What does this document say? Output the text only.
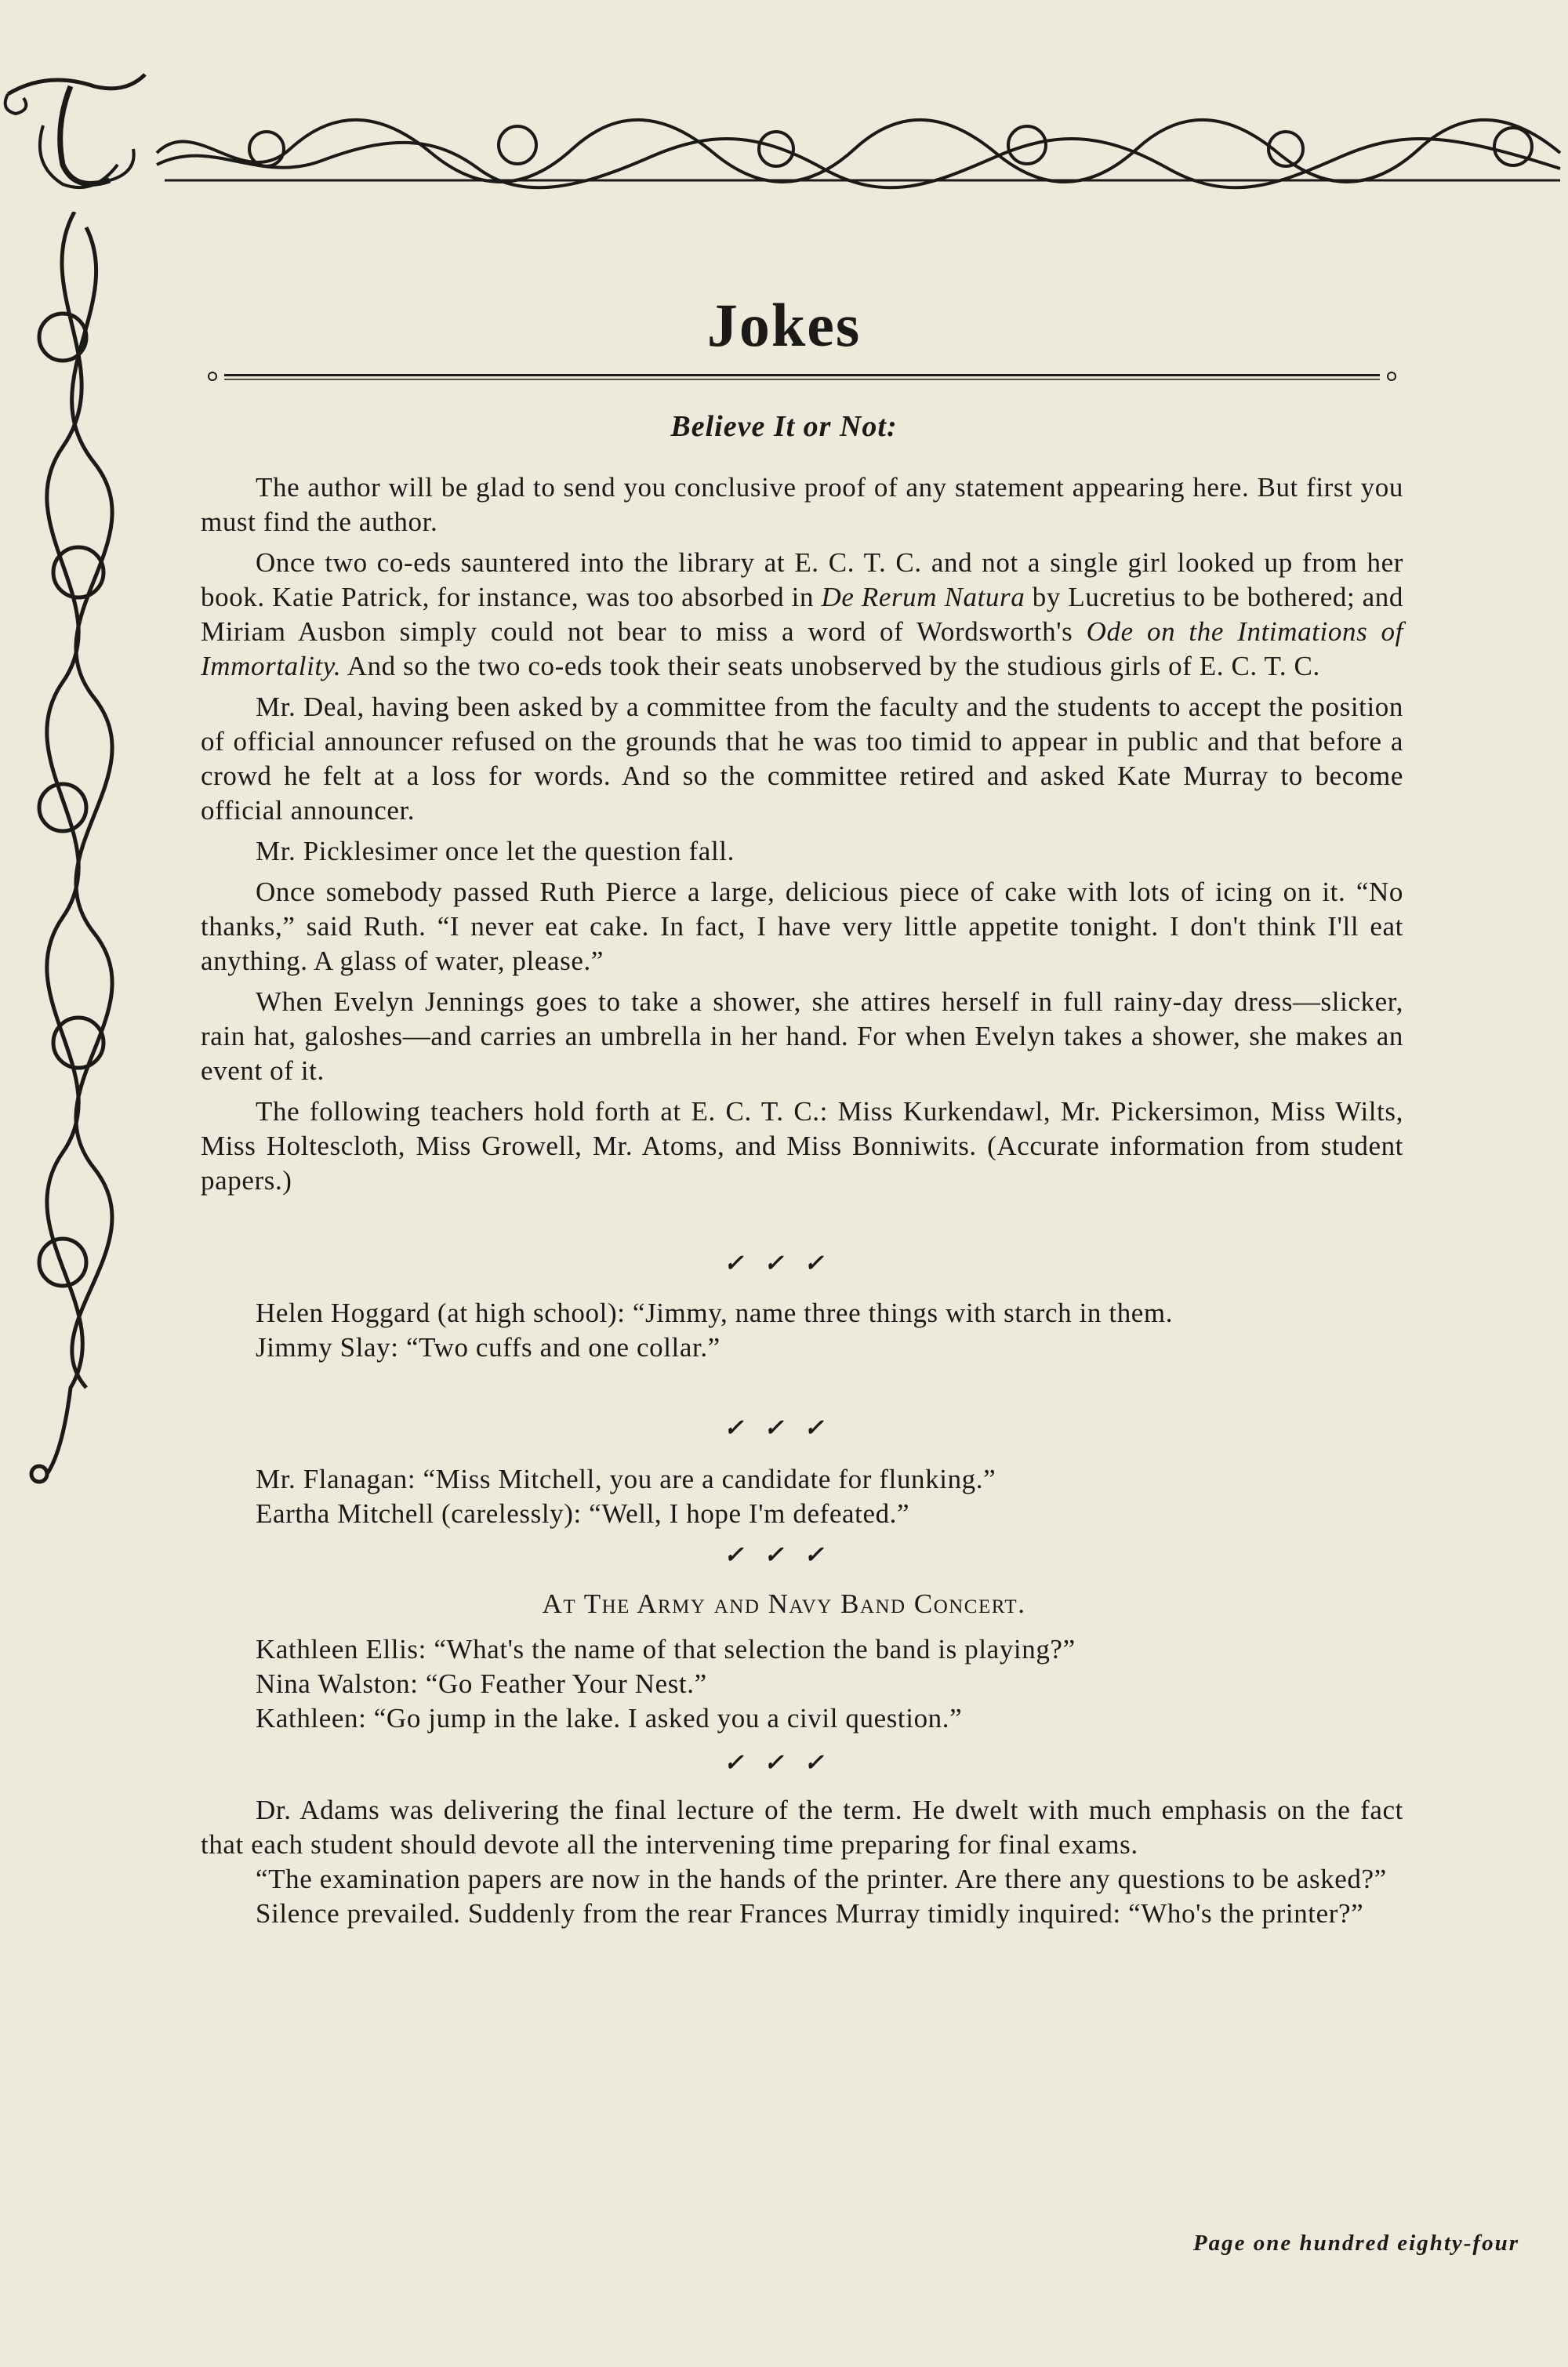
Jokes
Believe It or Not:

The author will be glad to send you conclusive proof of any statement appearing here. But first you must find the author.

Once two co-eds sauntered into the library at E. C. T. C. and not a single girl looked up from her book. Katie Patrick, for instance, was too absorbed in De Rerum Natura by Lucretius to be bothered; and Miriam Ausbon simply could not bear to miss a word of Wordsworth's Ode on the Intimations of Immortality. And so the two co-eds took their seats unobserved by the studious girls of E. C. T. C.

Mr. Deal, having been asked by a committee from the faculty and the students to accept the position of official announcer refused on the grounds that he was too timid to appear in public and that before a crowd he felt at a loss for words. And so the committee retired and asked Kate Murray to become official announcer.

Mr. Picklesimer once let the question fall.

Once somebody passed Ruth Pierce a large, delicious piece of cake with lots of icing on it. “No thanks,” said Ruth. “I never eat cake. In fact, I have very little appetite tonight. I don't think I'll eat anything. A glass of water, please.”

When Evelyn Jennings goes to take a shower, she attires herself in full rainy-day dress—slicker, rain hat, galoshes—and carries an umbrella in her hand. For when Evelyn takes a shower, she makes an event of it.

The following teachers hold forth at E. C. T. C.: Miss Kurkendawl, Mr. Pickersimon, Miss Wilts, Miss Holtescloth, Miss Growell, Mr. Atoms, and Miss Bonniwits. (Accurate information from student papers.)

✓✓✓

Helen Hoggard (at high school): “Jimmy, name three things with starch in them.

Jimmy Slay: “Two cuffs and one collar.”

✓✓✓

Mr. Flanagan: “Miss Mitchell, you are a candidate for flunking.”

Eartha Mitchell (carelessly): “Well, I hope I'm defeated.”

✓✓✓
At The Army and Navy Band Concert.

Kathleen Ellis: “What's the name of that selection the band is playing?”

Nina Walston: “Go Feather Your Nest.”

Kathleen: “Go jump in the lake. I asked you a civil question.”

✓✓✓

Dr. Adams was delivering the final lecture of the term. He dwelt with much emphasis on the fact that each student should devote all the intervening time preparing for final exams.

“The examination papers are now in the hands of the printer. Are there any questions to be asked?”

Silence prevailed. Suddenly from the rear Frances Murray timidly inquired: “Who's the printer?”

Page one hundred eighty-four
